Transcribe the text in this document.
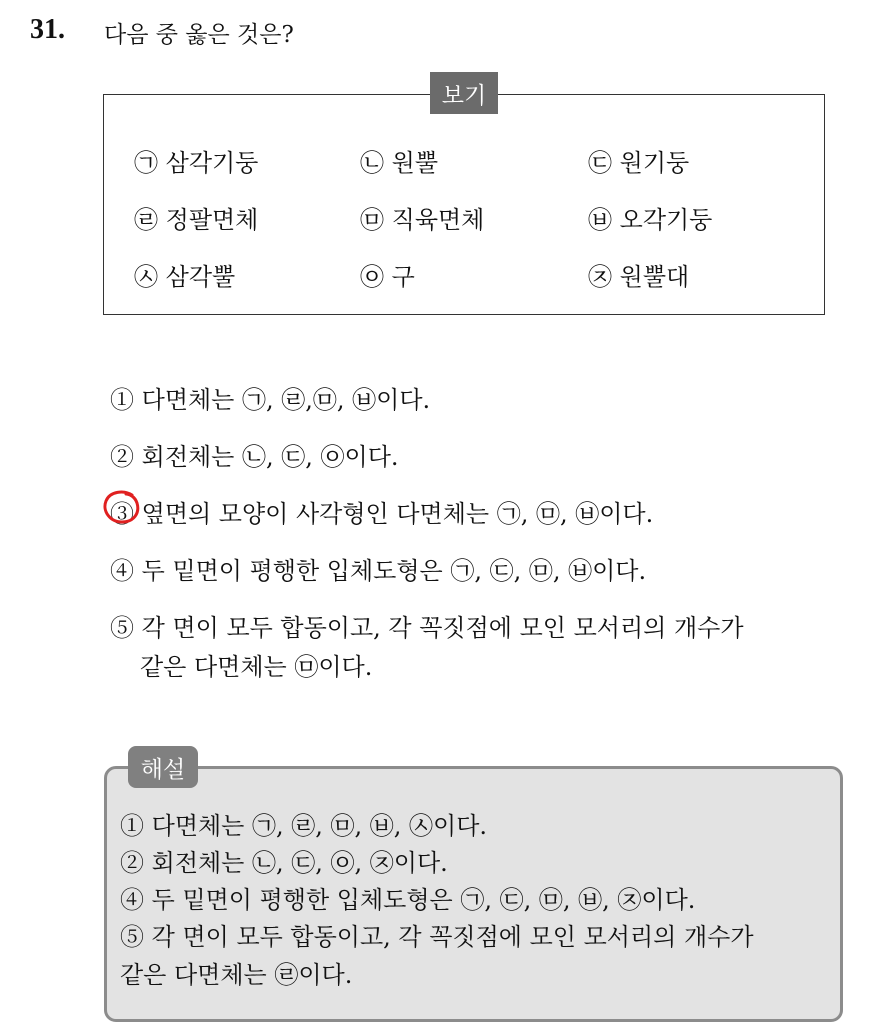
31. 다음 중 옳은 것은?
㉠ 삼각기둥	㉡ 원뿔	㉢ 원기둥
㉣ 정팔면체	㉤ 직육면체	㉥ 오각기둥
㉦ 삼각뿔	㉧ 구	㉨ 원뿔대
보기
① 다면체는 ㉠, ㉣,㉤, ㉥이다.
② 회전체는 ㉡, ㉢, ㉧이다.
③ 옆면의 모양이 사각형인 다면체는 ㉠, ㉤, ㉥이다.
④ 두 밑면이 평행한 입체도형은 ㉠, ㉢, ㉤, ㉥이다.
⑤ 각 면이 모두 합동이고, 각 꼭짓점에 모인 모서리의 개수가
같은 다면체는 ㉤이다.
해설
① 다면체는 ㉠, ㉣, ㉤, ㉥, ㉦이다.
② 회전체는 ㉡, ㉢, ㉧, ㉨이다.
④ 두 밑면이 평행한 입체도형은 ㉠, ㉢, ㉤, ㉥, ㉨이다.
⑤ 각 면이 모두 합동이고, 각 꼭짓점에 모인 모서리의 개수가
같은 다면체는 ㉣이다.
